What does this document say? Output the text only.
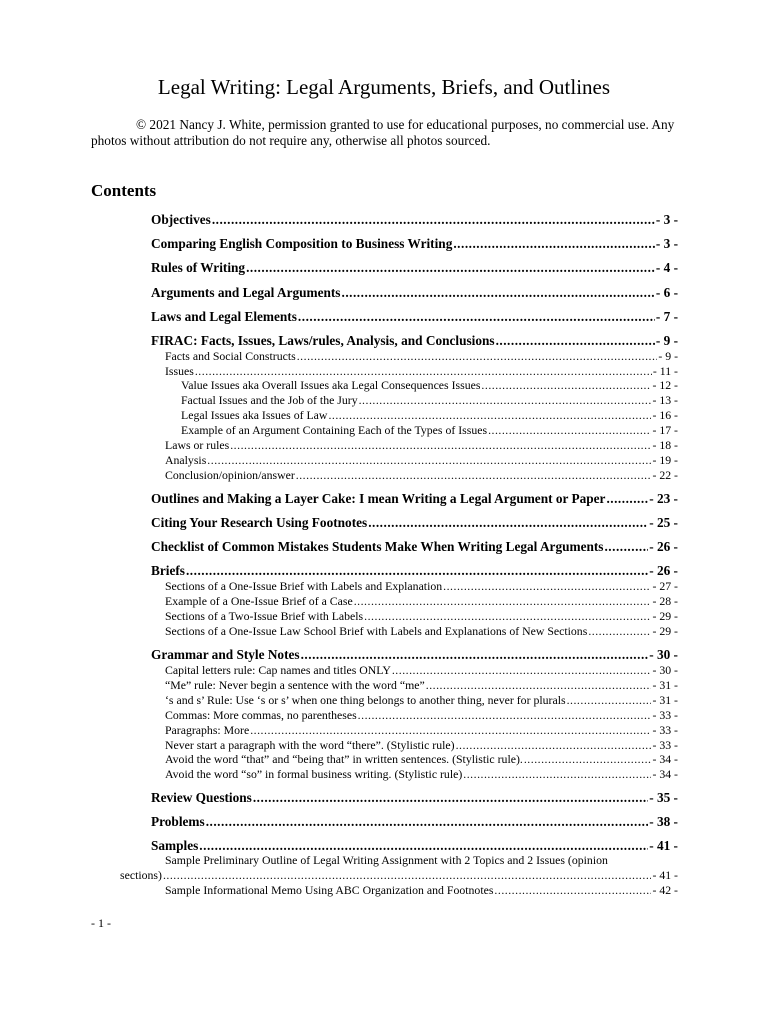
Legal Writing: Legal Arguments, Briefs, and Outlines
© 2021 Nancy J. White, permission granted to use for educational purposes, no commercial use. Any photos without attribution do not require any, otherwise all photos sourced.
Contents
Objectives .....	- 3 -
Comparing English Composition to Business Writing .....	- 3 -
Rules of Writing .....	- 4 -
Arguments and Legal Arguments .....	- 6 -
Laws and Legal Elements .....	- 7 -
FIRAC: Facts, Issues, Laws/rules, Analysis, and Conclusions .....	- 9 -
Facts and Social Constructs .....	- 9 -
Issues .....	- 11 -
Value Issues aka Overall Issues aka Legal Consequences Issues .....	- 12 -
Factual Issues and the Job of the Jury .....	- 13 -
Legal Issues aka Issues of Law .....	- 16 -
Example of an Argument Containing Each of the Types of Issues .....	- 17 -
Laws or rules .....	- 18 -
Analysis .....	- 19 -
Conclusion/opinion/answer .....	- 22 -
Outlines and Making a Layer Cake: I mean Writing a Legal Argument or Paper .....	- 23 -
Citing Your Research Using Footnotes .....	- 25 -
Checklist of Common Mistakes Students Make When Writing Legal Arguments .....	- 26 -
Briefs .....	- 26 -
Sections of a One-Issue Brief with Labels and Explanation .....	- 27 -
Example of a One-Issue Brief of a Case .....	- 28 -
Sections of a Two-Issue Brief with Labels .....	- 29 -
Sections of a One-Issue Law School Brief with Labels and Explanations of New Sections .....	- 29 -
Grammar and Style Notes .....	- 30 -
Capital letters rule: Cap names and titles ONLY .....	- 30 -
“Me” rule: Never begin a sentence with the word “me” .....	- 31 -
‘s and s’ Rule: Use ‘s or s’ when one thing belongs to another thing, never for plurals .....	- 31 -
Commas: More commas, no parentheses .....	- 33 -
Paragraphs: More .....	- 33 -
Never start a paragraph with the word “there”. (Stylistic rule) .....	- 33 -
Avoid the word “that” and “being that” in written sentences. (Stylistic rule). .....	- 34 -
Avoid the word “so” in formal business writing. (Stylistic rule) .....	- 34 -
Review Questions .....	- 35 -
Problems .....	- 38 -
Samples .....	- 41 -
Sample Preliminary Outline of Legal Writing Assignment with 2 Topics and 2 Issues (opinion
sections) .....	- 41 -
Sample Informational Memo Using ABC Organization and Footnotes .....	- 42 -
- 1 -
